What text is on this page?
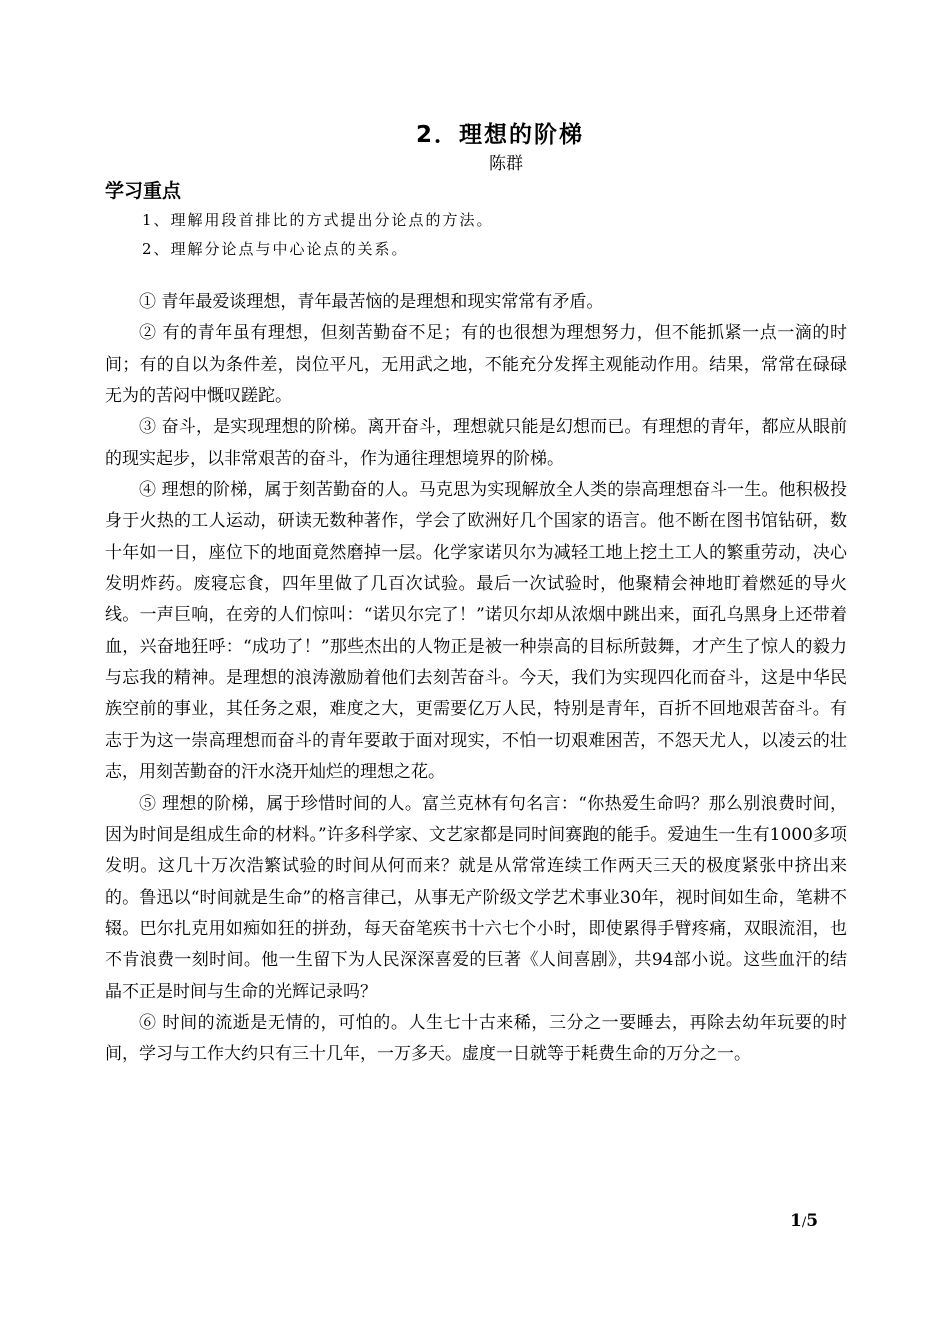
2．理想的阶梯
陈群
学习重点
1、理解用段首排比的方式提出分论点的方法。
2、理解分论点与中心论点的关系。

① 青年最爱谈理想，青年最苦恼的是理想和现实常常有矛盾。

② 有的青年虽有理想，但刻苦勤奋不足；有的也很想为理想努力，但不能抓紧一点一滴的时间；有的自以为条件差，岗位平凡，无用武之地，不能充分发挥主观能动作用。结果，常常在碌碌无为的苦闷中慨叹蹉跎。

③ 奋斗，是实现理想的阶梯。离开奋斗，理想就只能是幻想而已。有理想的青年，都应从眼前的现实起步，以非常艰苦的奋斗，作为通往理想境界的阶梯。

④ 理想的阶梯，属于刻苦勤奋的人。马克思为实现解放全人类的崇高理想奋斗一生。他积极投身于火热的工人运动，研读无数种著作，学会了欧洲好几个国家的语言。他不断在图书馆钻研，数十年如一日，座位下的地面竟然磨掉一层。化学家诺贝尔为减轻工地上挖土工人的繁重劳动，决心发明炸药。废寝忘食，四年里做了几百次试验。最后一次试验时，他聚精会神地盯着燃延的导火线。一声巨响，在旁的人们惊叫：“诺贝尔完了！”诺贝尔却从浓烟中跳出来，面孔乌黑身上还带着血，兴奋地狂呼：“成功了！”那些杰出的人物正是被一种崇高的目标所鼓舞，才产生了惊人的毅力与忘我的精神。是理想的浪涛激励着他们去刻苦奋斗。今天，我们为实现四化而奋斗，这是中华民族空前的事业，其任务之艰，难度之大，更需要亿万人民，特别是青年，百折不回地艰苦奋斗。有志于为这一崇高理想而奋斗的青年要敢于面对现实，不怕一切艰难困苦，不怨天尤人，以凌云的壮志，用刻苦勤奋的汗水浇开灿烂的理想之花。

⑤ 理想的阶梯，属于珍惜时间的人。富兰克林有句名言：“你热爱生命吗？那么别浪费时间，因为时间是组成生命的材料。”许多科学家、文艺家都是同时间赛跑的能手。爱迪生一生有1000多项发明。这几十万次浩繁试验的时间从何而来？就是从常常连续工作两天三天的极度紧张中挤出来的。鲁迅以“时间就是生命”的格言律己，从事无产阶级文学艺术事业30年，视时间如生命，笔耕不辍。巴尔扎克用如痴如狂的拼劲，每天奋笔疾书十六七个小时，即使累得手臂疼痛，双眼流泪，也不肯浪费一刻时间。他一生留下为人民深深喜爱的巨著《人间喜剧》，共94部小说。这些血汗的结晶不正是时间与生命的光辉记录吗？

⑥ 时间的流逝是无情的，可怕的。人生七十古来稀，三分之一要睡去，再除去幼年玩要的时间，学习与工作大约只有三十几年，一万多天。虚度一日就等于耗费生命的万分之一。

1/5
